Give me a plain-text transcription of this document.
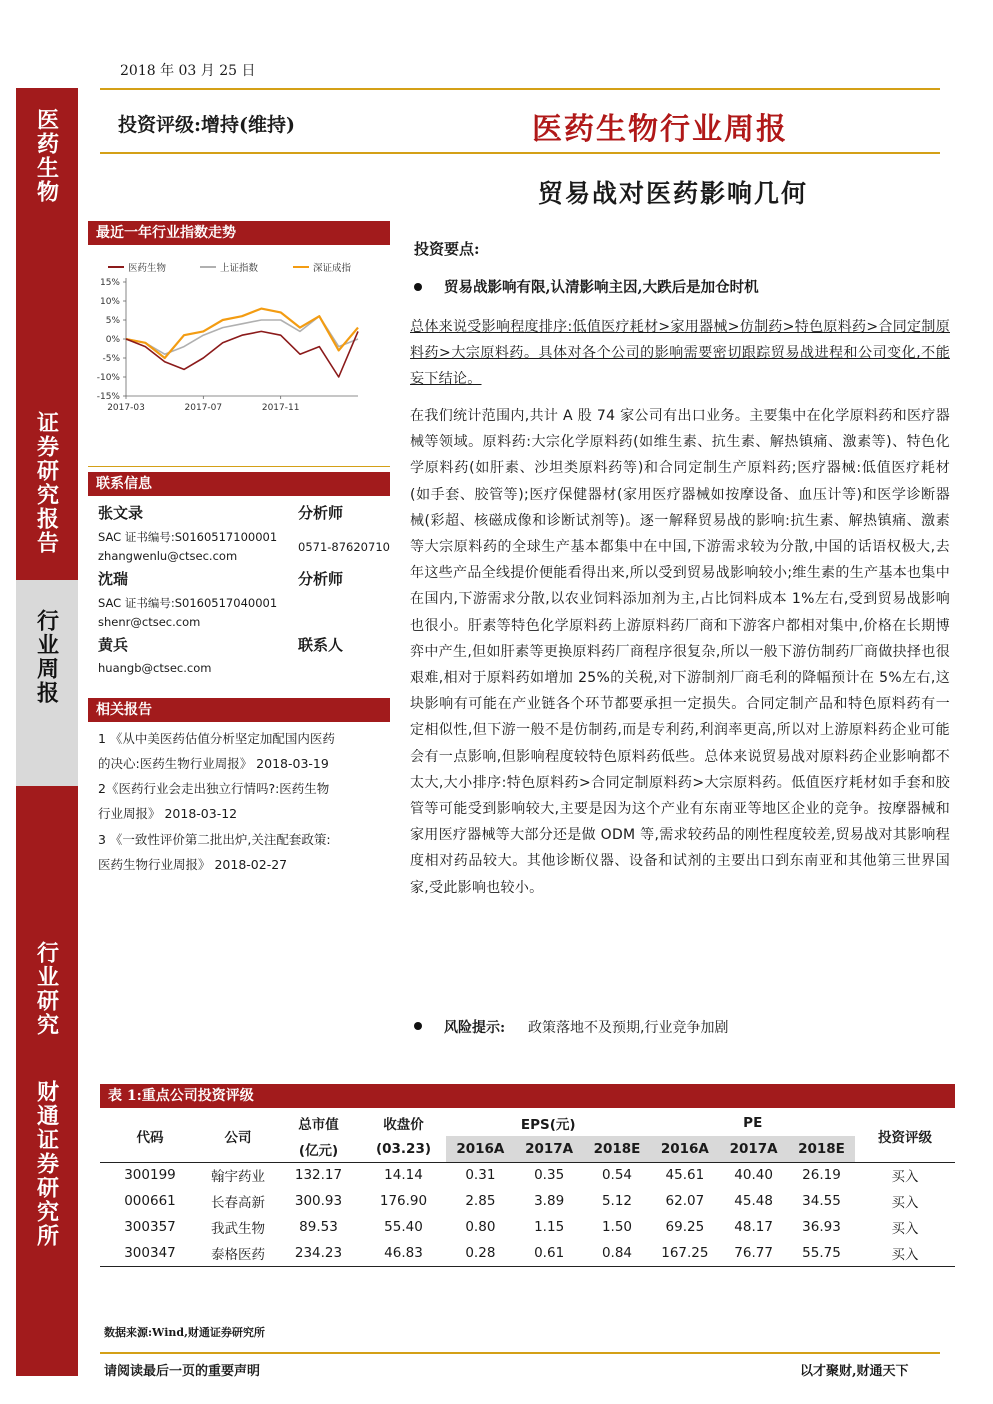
医药生物
证券研究报告
行业周报
行业研究
财通证券研究所
2018 年 03 月 25 日
投资评级:增持(维持)	医药生物行业周报
贸易战对医药影响几何
最近一年行业指数走势
医药生物	上证指数	深证成指
15%
10%
5%
0%
-5%
-10%
-15%
2017-03	2017-07	2017-11
联系信息
张文录	分析师
SAC 证书编号:S0160517100001
0571-87620710
zhangwenlu@ctsec.com
沈瑞	分析师
SAC 证书编号:S0160517040001
shenr@ctsec.com
黄兵	联系人
huangb@ctsec.com
相关报告
1 《从中美医药估值分析坚定加配国内医药
的决心:医药生物行业周报》 2018-03-19
2《医药行业会走出独立行情吗?:医药生物
行业周报》 2018-03-12
3 《一致性评价第二批出炉,关注配套政策:
医药生物行业周报》 2018-02-27
投资要点:
贸易战影响有限,认清影响主因,大跌后是加仓时机
总体来说受影响程度排序:低值医疗耗材>家用器械>仿制药>特色原料药>合同定制原料药>大宗原料药。具体对各个公司的影响需要密切跟踪贸易战进程和公司变化,不能妄下结论。
在我们统计范围内,共计 A 股 74 家公司有出口业务。主要集中在化学原料药和医疗器械等领域。原料药:大宗化学原料药(如维生素、抗生素、解热镇痛、激素等)、特色化学原料药(如肝素、沙坦类原料药等)和合同定制生产原料药;医疗器械:低值医疗耗材(如手套、胶管等);医疗保健器材(家用医疗器械如按摩设备、血压计等)和医学诊断器械(彩超、核磁成像和诊断试剂等)。逐一解释贸易战的影响:抗生素、解热镇痛、激素等大宗原料药的全球生产基本都集中在中国,下游需求较为分散,中国的话语权极大,去年这些产品全线提价便能看得出来,所以受到贸易战影响较小;维生素的生产基本也集中在国内,下游需求分散,以农业饲料添加剂为主,占比饲料成本 1%左右,受到贸易战影响也很小。肝素等特色化学原料药上游原料药厂商和下游客户都相对集中,价格在长期博弈中产生,但如肝素等更换原料药厂商程序很复杂,所以一般下游仿制药厂商做抉择也很艰难,相对于原料药如增加 25%的关税,对下游制剂厂商毛利的降幅预计在 5%左右,这块影响有可能在产业链各个环节都要承担一定损失。合同定制产品和特色原料药有一定相似性,但下游一般不是仿制药,而是专利药,利润率更高,所以对上游原料药企业可能会有一点影响,但影响程度较特色原料药低些。总体来说贸易战对原料药企业影响都不太大,大小排序:特色原料药>合同定制原料药>大宗原料药。低值医疗耗材如手套和胶管等可能受到影响较大,主要是因为这个产业有东南亚等地区企业的竞争。按摩器械和家用医疗器械等大部分还是做 ODM 等,需求较药品的刚性程度较差,贸易战对其影响程度相对药品较大。其他诊断仪器、设备和试剂的主要出口到东南亚和其他第三世界国家,受此影响也较小。
风险提示: 政策落地不及预期,行业竞争加剧
表 1:重点公司投资评级
代码	公司	总市值	收盘价	EPS(元)			PE			投资评级
		(亿元)	(03.23)	2016A	2017A	2018E	2016A	2017A	2018E	
300199	翰宇药业	132.17	14.14	0.31	0.35	0.54	45.61	40.40	26.19	买入
000661	长春高新	300.93	176.90	2.85	3.89	5.12	62.07	45.48	34.55	买入
300357	我武生物	89.53	55.40	0.80	1.15	1.50	69.25	48.17	36.93	买入
300347	泰格医药	234.23	46.83	0.28	0.61	0.84	167.25	76.77	55.75	买入
数据来源:Wind,财通证券研究所
请阅读最后一页的重要声明	以才聚财,财通天下
